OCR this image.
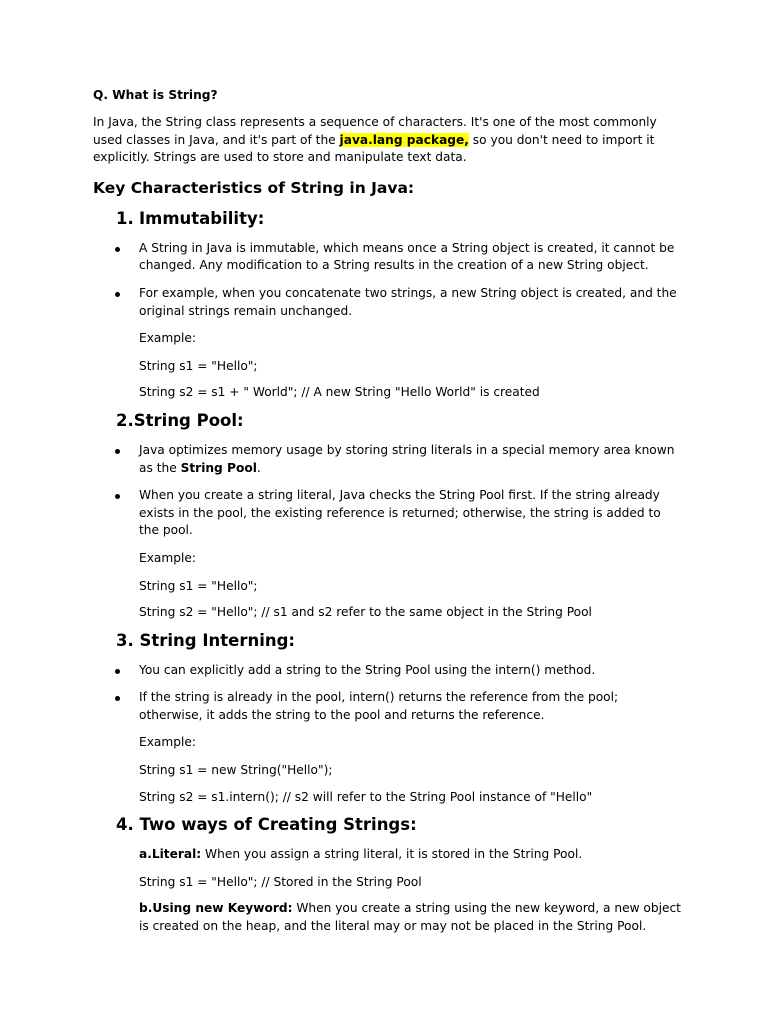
Q. What is String?

In Java, the String class represents a sequence of characters. It's one of the most commonly used classes in Java, and it's part of the java.lang package, so you don't need to import it explicitly. Strings are used to store and manipulate text data.

Key Characteristics of String in Java:
1. Immutability:
A String in Java is immutable, which means once a String object is created, it cannot be changed. Any modification to a String results in the creation of a new String object.
For example, when you concatenate two strings, a new String object is created, and the original strings remain unchanged.

Example:

String s1 = "Hello";

String s2 = s1 + " World"; // A new String "Hello World" is created

2.String Pool:
Java optimizes memory usage by storing string literals in a special memory area known as the String Pool.
When you create a string literal, Java checks the String Pool first. If the string already exists in the pool, the existing reference is returned; otherwise, the string is added to the pool.

Example:

String s1 = "Hello";

String s2 = "Hello"; // s1 and s2 refer to the same object in the String Pool

3. String Interning:
You can explicitly add a string to the String Pool using the intern() method.
If the string is already in the pool, intern() returns the reference from the pool; otherwise, it adds the string to the pool and returns the reference.

Example:

String s1 = new String("Hello");

String s2 = s1.intern(); // s2 will refer to the String Pool instance of "Hello"

4. Two ways of Creating Strings:

a.Literal: When you assign a string literal, it is stored in the String Pool.

String s1 = "Hello"; // Stored in the String Pool

b.Using new Keyword: When you create a string using the new keyword, a new object is created on the heap, and the literal may or may not be placed in the String Pool.
